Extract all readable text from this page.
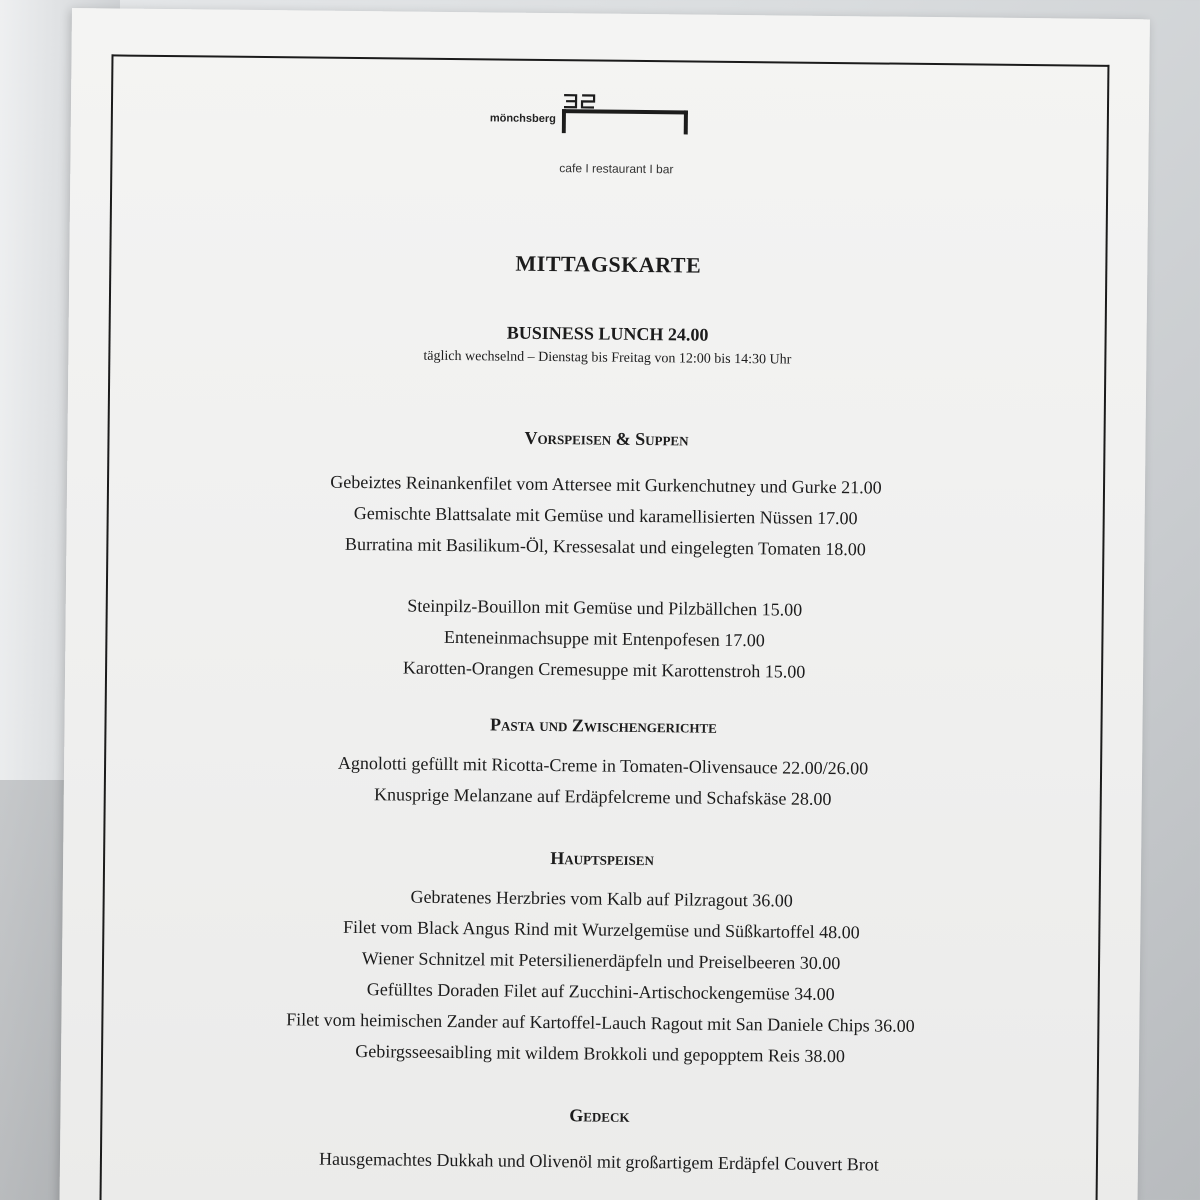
mönchsberg
cafe I restaurant I bar
MITTAGSKARTE
BUSINESS LUNCH 24.00
täglich wechselnd – Dienstag bis Freitag von 12:00 bis 14:30 Uhr
Vorspeisen & Suppen
Gebeiztes Reinankenfilet vom Attersee mit Gurkenchutney und Gurke 21.00
Gemischte Blattsalate mit Gemüse und karamellisierten Nüssen 17.00
Burratina mit Basilikum-Öl, Kressesalat und eingelegten Tomaten 18.00
Steinpilz-Bouillon mit Gemüse und Pilzbällchen 15.00
Enteneinmachsuppe mit Entenpofesen 17.00
Karotten-Orangen Cremesuppe mit Karottenstroh 15.00
Pasta und Zwischengerichte
Agnolotti gefüllt mit Ricotta-Creme in Tomaten-Olivensauce 22.00/26.00
Knusprige Melanzane auf Erdäpfelcreme und Schafskäse 28.00
Hauptspeisen
Gebratenes Herzbries vom Kalb auf Pilzragout 36.00
Filet vom Black Angus Rind mit Wurzelgemüse und Süßkartoffel 48.00
Wiener Schnitzel mit Petersilienerdäpfeln und Preiselbeeren 30.00
Gefülltes Doraden Filet auf Zucchini-Artischockengemüse 34.00
Filet vom heimischen Zander auf Kartoffel-Lauch Ragout mit San Daniele Chips 36.00
Gebirgsseesaibling mit wildem Brokkoli und gepopptem Reis 38.00
Gedeck
Hausgemachtes Dukkah und Olivenöl mit großartigem Erdäpfel Couvert Brot
